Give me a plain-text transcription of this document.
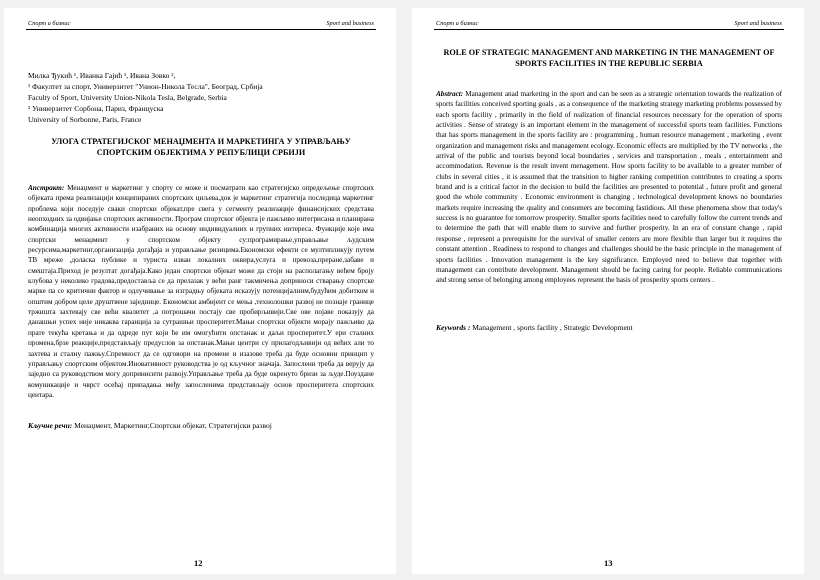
Спорт и бизнис	Sport and business
Милка Ђукић ¹, Иванка Гајић ¹, Ивана Зовко ²,
¹ Факултет за спорт, Универзитет "Унион-Никола Тесла", Београд, Србија
Faculty of Sport, University Union-Nikola Tesla, Belgrade, Serbia
² Универзитет Сорбона, Париз, Француска
University of Sorbonne, Paris, France
УЛОГА СТРАТЕГИЈСКОГ МЕНАЏМЕНТА И МАРКЕТИНГА У УПРАВЉАЊУ СПОРТСКИМ ОБЈЕКТИМА У РЕПУБЛИЦИ СРБИЈИ
Апстракт: Менаџмент и маркетинг у спорту се може и посматрати као стратегијско опредељење спортских објеката према реализацији конципираних спортских циљева,док је маркетинг стратегија последица маркетинг проблема који поседује сваки спортски објекат,пре свега у сегменту реализације финансијских средстава неопходних за одвијање спортских активности. Програм спортског објекта је пажљиво интегрисана и планирана комбинација многих активности изабраних на основу индивидуалних и групних интереса. Функције које има спортски менаџмент у спортском објекту су:програмирање,управљање људским ресурсима,маркетинг,организација догађаја и управљање ризицима.Економски ефекти се мултипликују путем ТВ мреже ,доласка публике и туриста изван локалних оквира,услуга и превоза,преране,забаве и смештаја.Приход је резултат догађаја.Како један спортски објекат може да стоји на располагању већем броју клубова у неколико градова,предоставља се да прелазак у већи ранг такмичења доприноси стварању спортске марке па се критични фактор и одлучивање за изградњу објеката исказују потенцијалним,будућим добитком и општим добром целе друштвене заједнице. Економски амбијент се мења ,технолошки развој не познаје границе тржишта захтевају све већи квалитет ,а потрошачи постају све пробирљивији.Све ове појаве показују да данашњи успех није никаква гаранција за сутрашњи просперитет.Мањи спортски објекти морају пажљиво да прате текућа кретања и да одреде пут који ће им омогућити опстанак и даљи просперитет.У ери сталних промена,брзе реакције,представљају предуслов за опстанак.Мањи центри су прилагодљивији од већих али то захтева и сталну пажњу.Спремност да се одговори на промене и изазове треба да буде основни принцип у управљању спортским објектом.Иновативност руководства је од кључног значаја. Запослени треба да верују да заједно са руководством могу допринисити развоју.Управљање треба да буде окренуто бризи за људе.Поуздане комуникације и чврст осећај припадања међу запосленима представљају основ просперитета спортских центара.
Кључне речи: Менаџмент, Маркетинг,Спортски објекат, Стратегијски развој
12
Спорт и бизнис	Sport and business
ROLE OF STRATEGIC MANAGEMENT AND MARKETING IN THE MANAGEMENT OF SPORTS FACILITIES IN THE REPUBLIC SERBIA
Abstract: Management anad marketing in the sport and can be seen as a strategic orientation towards the realization of sports facilities conceived sporting goals , as a consequence of the marketing strategy marketing problems possessed by each sports facility , primarily in the field of realization of financial resources necessary for the operation of sports activities . Sense of strategy is an important element in the management of successful sports team facilities. Functions that has sports management in the sports facility are : programming , human resource management , marketing , event organization and management risks and management ecology. Economic effects are multiplied by the TV networks , the arrival of the public and tourists beyond local boundaries , services and transportation , meals , entertainment and accommodation. Revenue is the result invent menagement. How sports facility to be available to a greater number of clubs in several cities , it is assumed that the transition to higher ranking competition contributes to creating a sports brand and is a critical factor in the decision to build the facilities are presented to potential , future profit and general good the whole community . Economic environment is changing , technological development knows no boundaries markets require increasing the quality and consumers are becoming fastidious. All these phenomena show that today's success is no guarantee for tomorrow prosperity. Smaller sports facilities need to carefully follow the current trends and to determine the path that will enable them to survive and further prosperity. In an era of constant change , rapid response , represent a prerequisite for the survival of smaller centers are more flexible than larger but it requires the constant attention . Readiness to respond to changes and challenges should be the basic principle in the management of sports facilities . Innovation management is the key significance. Employed need to believe that together with management can contribute development. Management should be facing caring for people. Reliable communications and strong sense of belonging among employees represent the basis of prosperity sports centers .
Keywords : Management , sports facility , Strategic Development
13
